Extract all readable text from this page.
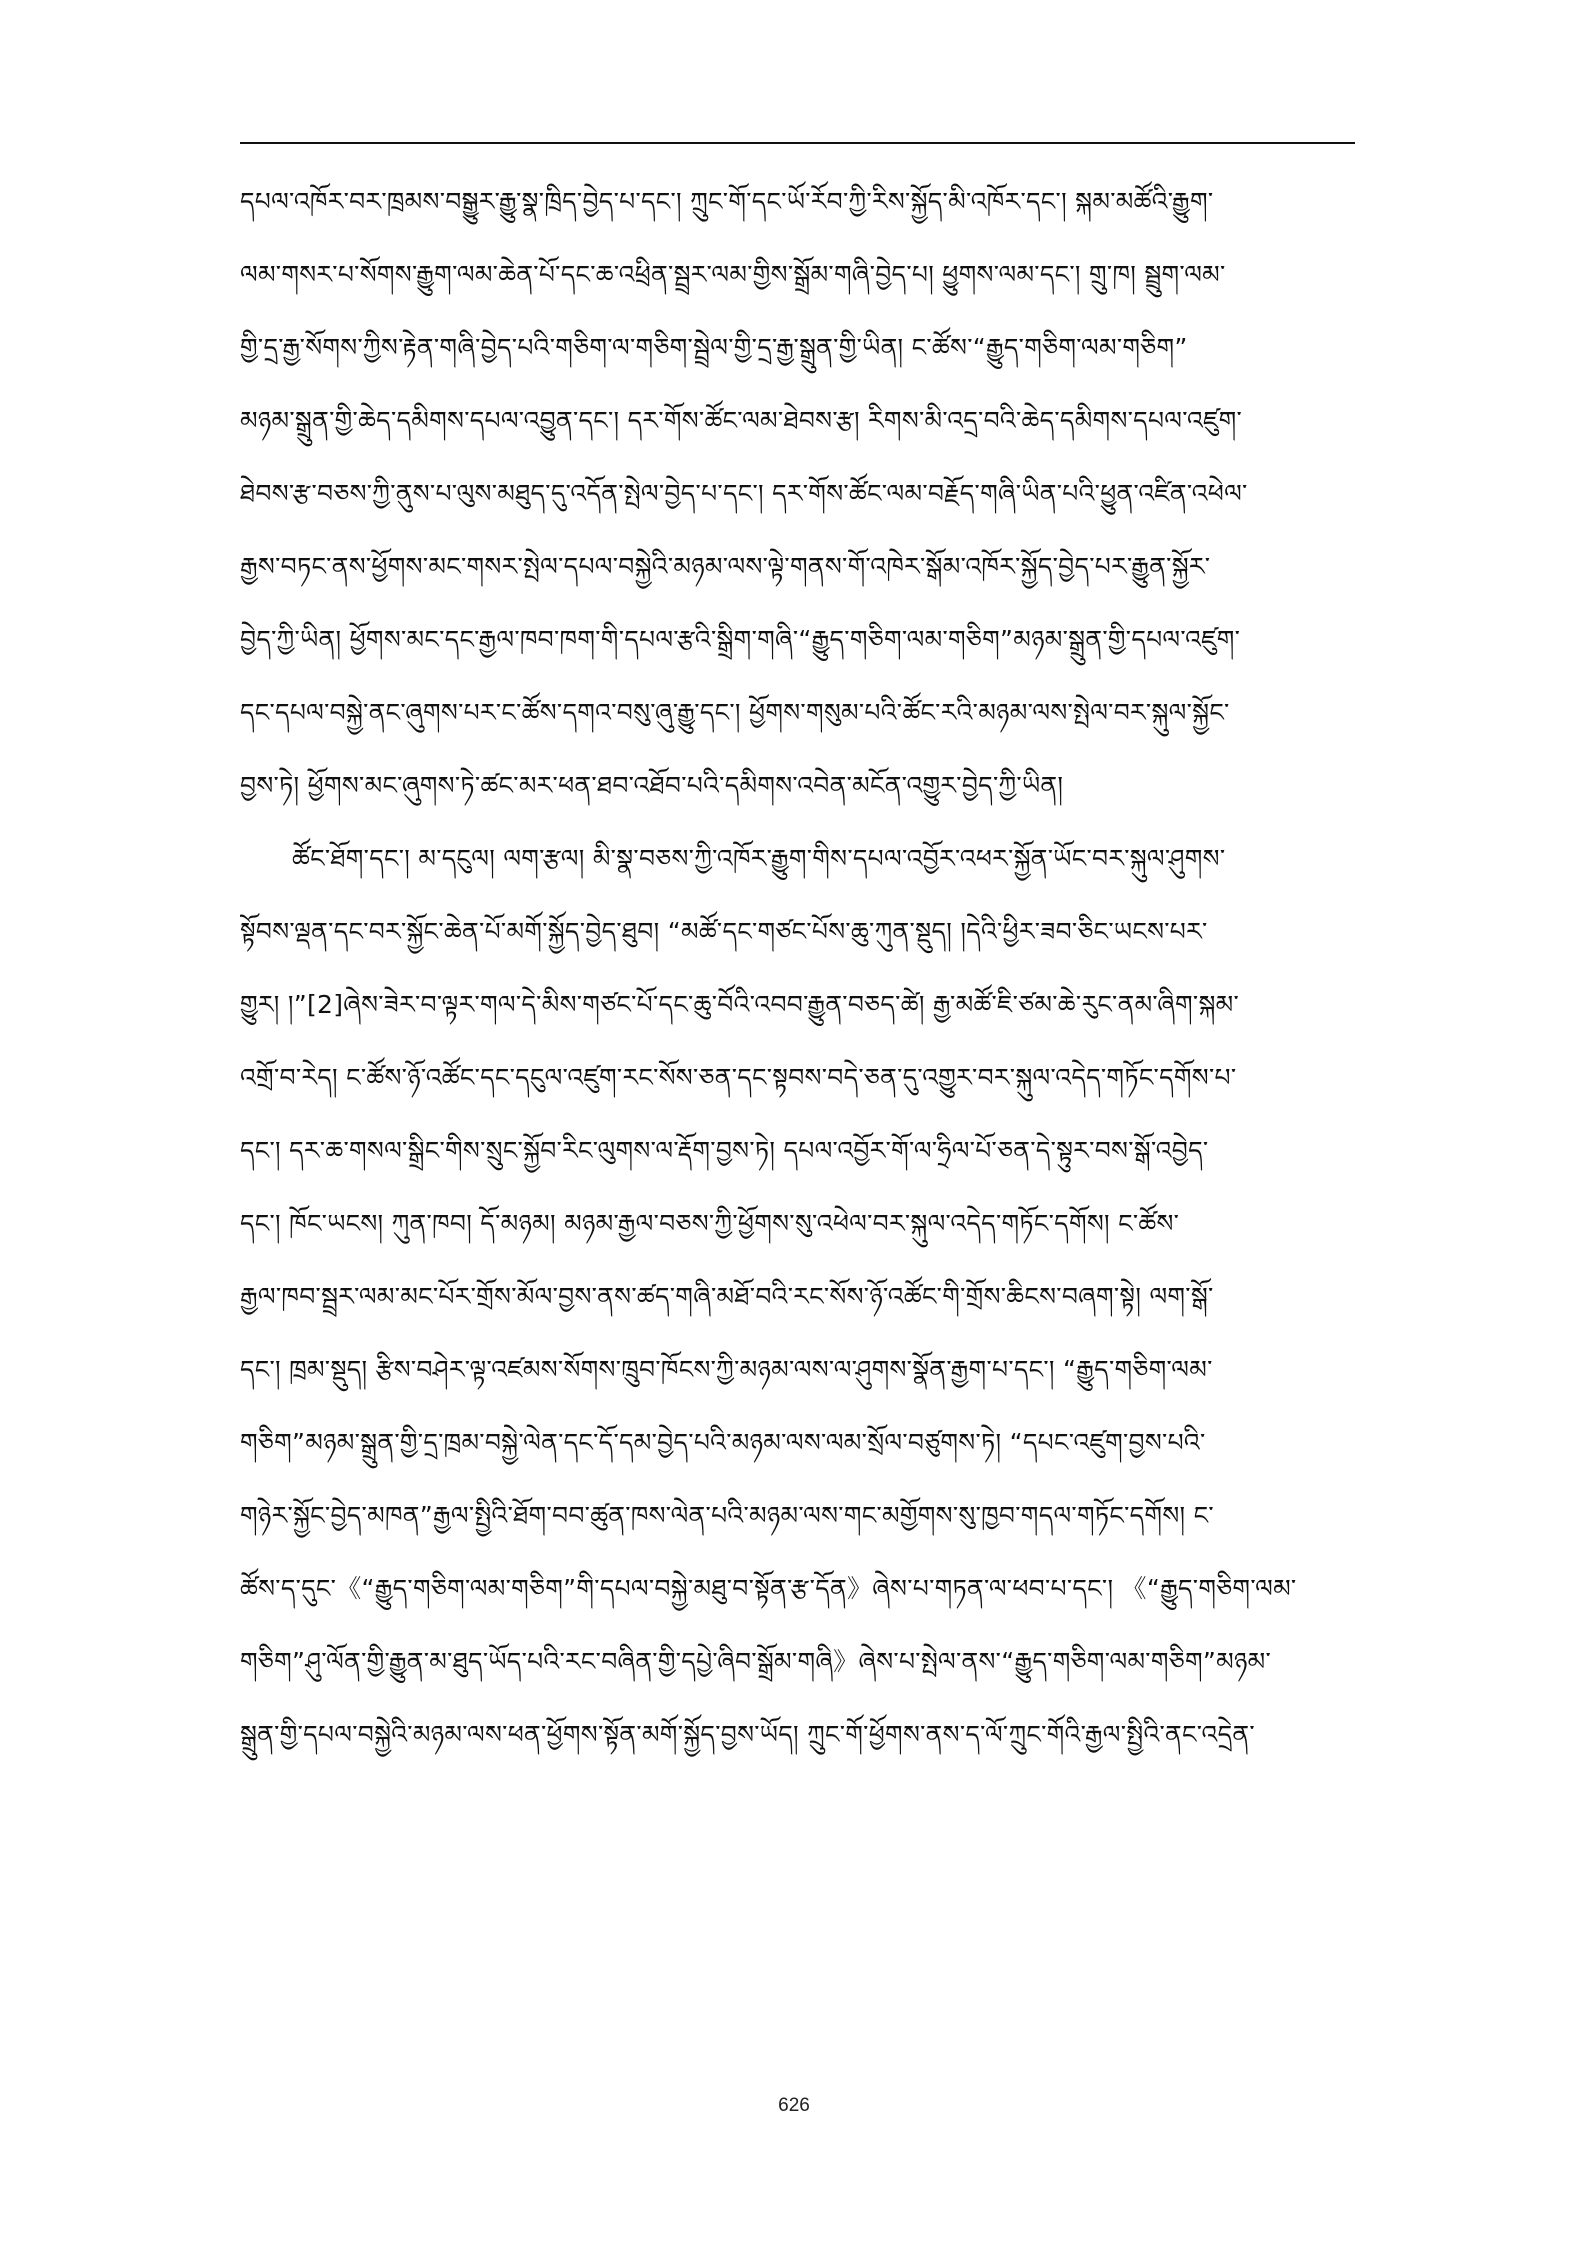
དཔལ་འཁོར་བར་ཁྲམས་བསྒྱུར་རྒྱུ་སྣ་ཁྲིད་བྱེད་པ་དང་། ཀྲུང་གོ་དང་ཡོ་རོབ་ཀྱི་རིས་སྐྱོད་མི་འཁོར་དང་། སྐམ་མཚོའི་རྒྱུག་
ལམ་གསར་པ་སོགས་རྒྱུག་ལམ་ཆེན་པོ་དང་ཆ་འཕྲིན་སྦྲར་ལམ་གྱིས་སྒྲོམ་གཞི་བྱེད་པ། ཕྱུགས་ལམ་དང་། གྲུ་ཁ། སྦྲུག་ལམ་
གྱི་དྲ་རྒྱ་སོགས་ཀྱིས་རྟེན་གཞི་བྱེད་པའི་གཅིག་ལ་གཅིག་སྦྲེལ་གྱི་དྲ་རྒྱ་སྒྲུན་གྱི་ཡིན། ང་ཚོས་“རྒྱུད་གཅིག་ལམ་གཅིག”
མཉམ་སྒྲུན་གྱི་ཆེད་དམིགས་དཔལ་འབྱུན་དང་། དར་གོས་ཚོང་ལམ་ཐེབས་རྩ། རིགས་མི་འདྲ་བའི་ཆེད་དམིགས་དཔལ་འཛུག་
ཐེབས་རྩ་བཅས་ཀྱི་ནུས་པ་ལུས་མཐུད་དུ་འདོན་སྤེལ་བྱེད་པ་དང་། དར་གོས་ཚོང་ལམ་བརྗོད་གཞི་ཡིན་པའི་ཕྱུན་འཛིན་འཕེལ་
རྒྱས་བཏང་ནས་ཕྱོགས་མང་གསར་སྤེལ་དཔལ་བསྐྱེའི་མཉམ་ལས་ལྟེ་གནས་གོ་འཁེར་སྒོམ་འཁོར་སྐྱོད་བྱེད་པར་རྒྱུན་སྐྱོར་
བྱེད་ཀྱི་ཡིན། ཕྱོགས་མང་དང་རྒྱལ་ཁབ་ཁག་གི་དཔལ་རྩའི་སྒྲིག་གཞི་“རྒྱུད་གཅིག་ལམ་གཅིག”མཉམ་སྒྲུན་གྱི་དཔལ་འཛུག་
དང་དཔལ་བསྐྱེ་ནང་ཞུགས་པར་ང་ཚོས་དགའ་བསུ་ཞུ་རྒྱུ་དང་། ཕྱོགས་གསུམ་པའི་ཚོང་རའི་མཉམ་ལས་སྤེལ་བར་སྐུལ་སྐྱོང་
བྱས་ཏེ། ཕྱོགས་མང་ཞུགས་ཏེ་ཚང་མར་ཕན་ཐབ་འཐོབ་པའི་དམིགས་འབེན་མངོན་འགྱུར་བྱེད་ཀྱི་ཡིན།
ཚོང་ཐོག་དང་། མ་དངུལ། ལག་རྩལ། མི་སྣ་བཅས་ཀྱི་འཁོར་རྒྱུག་གིས་དཔལ་འབྱོར་འཕར་སྐྱོན་ཡོང་བར་སྐུལ་ཤུགས་
སྟོབས་ལྡན་དང་བར་སྐྱོང་ཆེན་པོ་མགོ་སྐྱོད་བྱེད་ཐུབ། “མཚོ་དང་གཙང་པོས་ཆུ་ཀུན་སྡུད། །དེའི་ཕྱིར་ཟབ་ཅིང་ཡངས་པར་
གྱུར། །”[2]ཞེས་ཟེར་བ་ལྟར་གལ་དེ་མིས་གཙང་པོ་དང་ཆུ་བོའི་འབབ་རྒྱུན་བཅད་ཚེ། རྒྱ་མཚོ་ཇི་ཙམ་ཆེ་རུང་ནམ་ཞིག་སྐམ་
འགྲོ་བ་རེད། ང་ཚོས་ཉོ་འཚོང་དང་དངུལ་འཛུག་རང་སོས་ཅན་དང་སྟབས་བདེ་ཅན་དུ་འགྱུར་བར་སྐུལ་འདེད་གཏོང་དགོས་པ་
དང་། དར་ཆ་གསལ་སྒྲིང་གིས་སྲུང་སྐྱོབ་རིང་ལུགས་ལ་རྡོག་བྱས་ཏེ། དཔལ་འབྱོར་གོ་ལ་ཧྲིལ་པོ་ཅན་དེ་སྟུར་བས་སྒོ་འབྱེད་
དང་། ཁོང་ཡངས། ཀུན་ཁབ། དོ་མཉམ། མཉམ་རྒྱལ་བཅས་ཀྱི་ཕྱོགས་སུ་འཕེལ་བར་སྐུལ་འདེད་གཏོང་དགོས། ང་ཚོས་
རྒྱལ་ཁབ་སྦྲར་ལམ་མང་པོར་གྲོས་མོལ་བྱས་ནས་ཚད་གཞི་མཐོ་བའི་རང་སོས་ཉོ་འཚོང་གི་གྲོས་ཆིངས་བཞག་སྟེ། ལག་སྒོ་
དང་། ཁྲམ་སྡུད། རྩིས་བཤེར་ལྟ་འཛམས་སོགས་ཁྲུབ་ཁོངས་ཀྱི་མཉམ་ལས་ལ་ཤུགས་སྣོན་རྒྱག་པ་དང་། “རྒྱུད་གཅིག་ལམ་
གཅིག”མཉམ་སྒྲུན་གྱི་དྲ་ཁྲམ་བསྐྱེ་ལེན་དང་དོ་དམ་བྱེད་པའི་མཉམ་ལས་ལམ་སྲོལ་བཙུགས་ཏེ། “དཔང་འཛུག་བྱས་པའི་
གཉེར་སྐྱོང་བྱེད་མཁན”རྒྱལ་སྤྱིའི་ཐོག་བབ་ཚུན་ཁས་ལེན་པའི་མཉམ་ལས་གང་མགྱོགས་སུ་ཁྱབ་གདལ་གཏོང་དགོས། ང་
ཚོས་ད་དུང་《“རྒྱུད་གཅིག་ལམ་གཅིག”གི་དཔལ་བསྐྱེ་མཐུ་བ་སྟོན་རྩ་དོན》ཞེས་པ་གཏན་ལ་ཕབ་པ་དང་། 《“རྒྱུད་གཅིག་ལམ་
གཅིག”ཤུ་ལོན་གྱི་རྒྱུན་མ་ཐུད་ཡོད་པའི་རང་བཞིན་གྱི་དཔྱེ་ཞིབ་སྒྲོམ་གཞི》ཞེས་པ་སྤེལ་ནས་“རྒྱུད་གཅིག་ལམ་གཅིག”མཉམ་
སྒྲུན་གྱི་དཔལ་བསྐྱེའི་མཉམ་ལས་ཕན་ཕྱོགས་སྟོན་མགོ་སྐྱོད་བྱས་ཡོད། ཀྲུང་གོ་ཕྱོགས་ནས་ད་ལོ་ཀྲུང་གོའི་རྒྱལ་སྤྱིའི་ནང་འདྲེན་
626
